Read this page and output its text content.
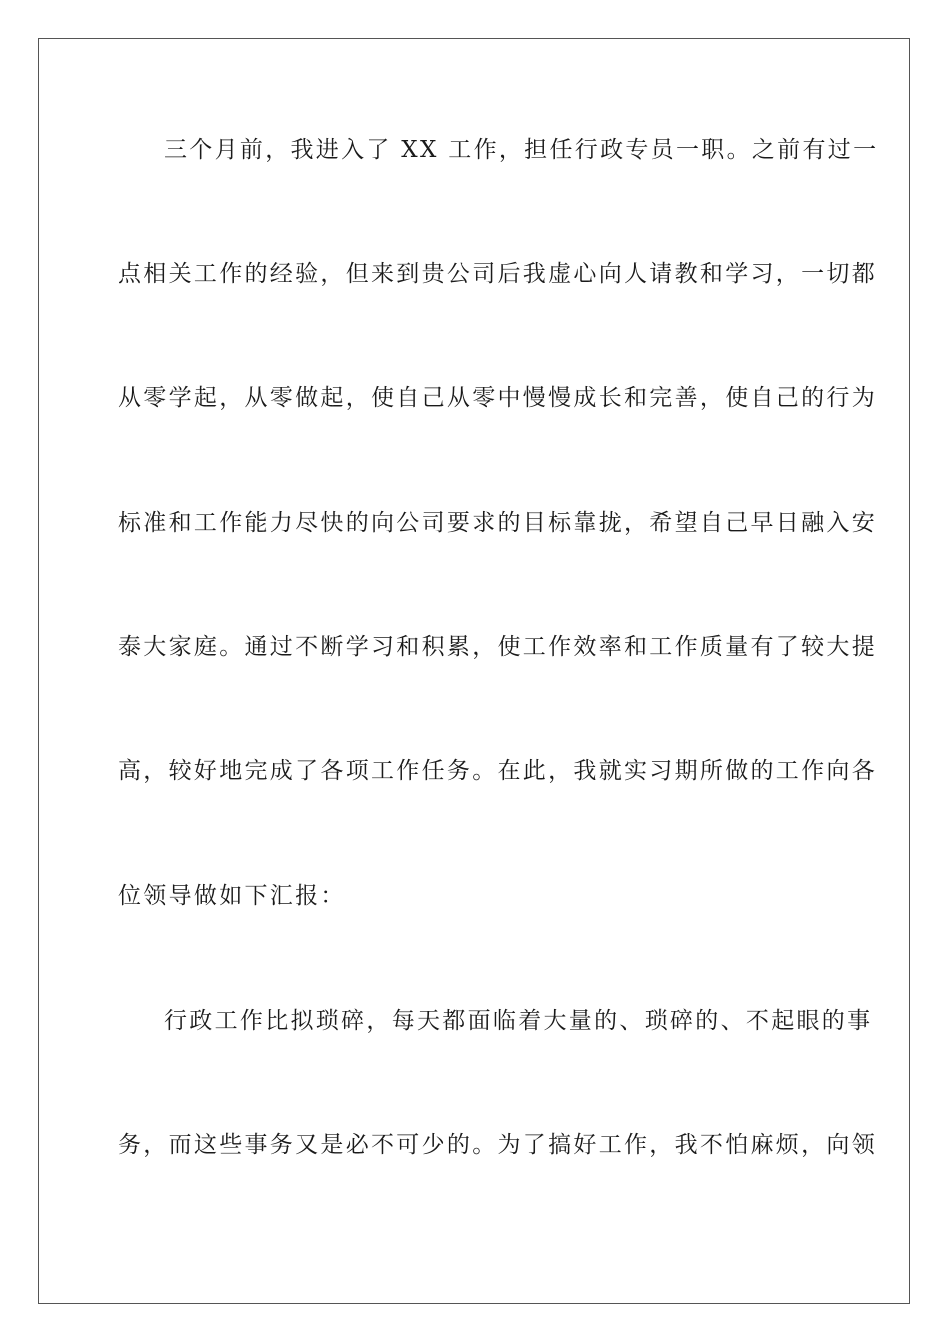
三个月前，我进入了 XX 工作，担任行政专员一职。之前有过一
点相关工作的经验，但来到贵公司后我虚心向人请教和学习，一切都
从零学起，从零做起，使自己从零中慢慢成长和完善，使自己的行为
标准和工作能力尽快的向公司要求的目标靠拢，希望自己早日融入安
泰大家庭。通过不断学习和积累，使工作效率和工作质量有了较大提
高，较好地完成了各项工作任务。在此，我就实习期所做的工作向各
位领导做如下汇报：
行政工作比拟琐碎，每天都面临着大量的、琐碎的、不起眼的事
务，而这些事务又是必不可少的。为了搞好工作，我不怕麻烦，向领
